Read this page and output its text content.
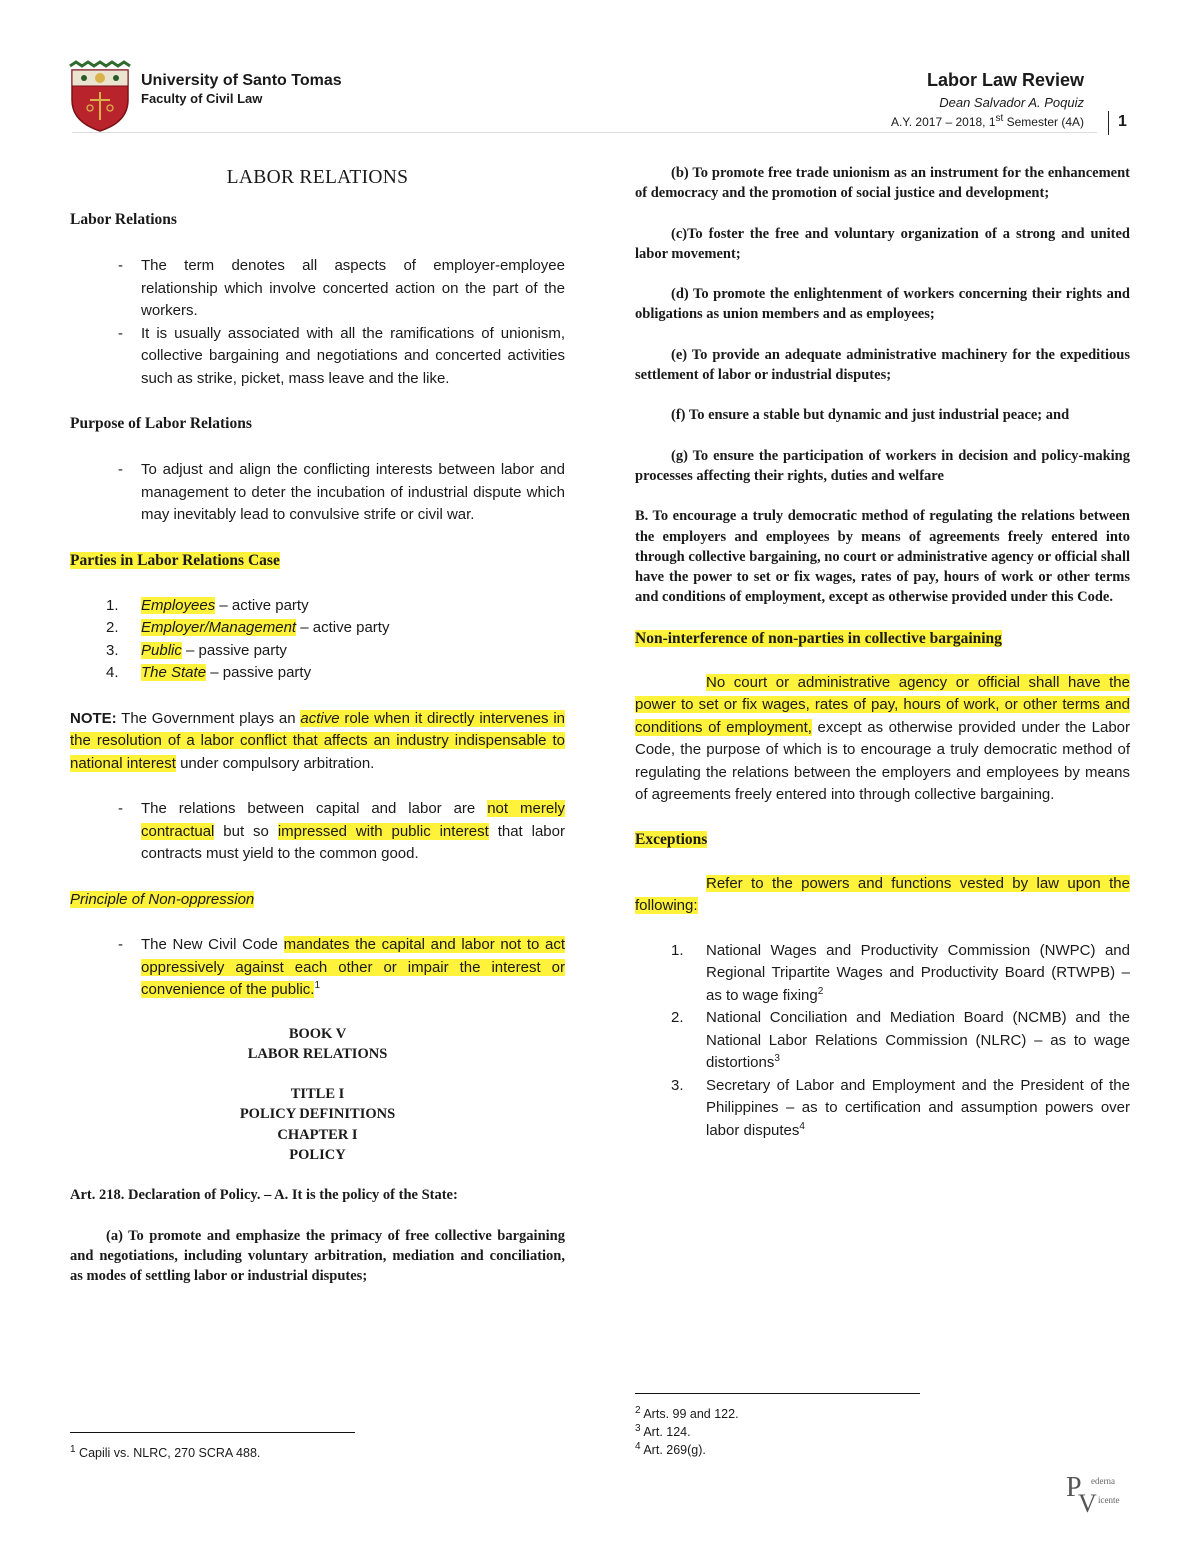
University of Santo Tomas
Faculty of Civil Law
Labor Law Review
Dean Salvador A. Poquiz
A.Y. 2017 – 2018, 1st Semester (4A) 1
LABOR RELATIONS
Labor Relations
- The term denotes all aspects of employer-employee relationship which involve concerted action on the part of the workers.
- It is usually associated with all the ramifications of unionism, collective bargaining and negotiations and concerted activities such as strike, picket, mass leave and the like.
Purpose of Labor Relations
- To adjust and align the conflicting interests between labor and management to deter the incubation of industrial dispute which may inevitably lead to convulsive strife or civil war.
Parties in Labor Relations Case
1. Employees – active party
2. Employer/Management – active party
3. Public – passive party
4. The State – passive party

NOTE: The Government plays an active role when it directly intervenes in the resolution of a labor conflict that affects an industry indispensable to national interest under compulsory arbitration.

- The relations between capital and labor are not merely contractual but so impressed with public interest that labor contracts must yield to the common good.
Principle of Non-oppression
- The New Civil Code mandates the capital and labor not to act oppressively against each other or impair the interest or convenience of the public.$^1$
BOOK V
LABOR RELATIONS
TITLE I
POLICY DEFINITIONS
CHAPTER I
POLICY

Art. 218. Declaration of Policy. – A. It is the policy of the State:

(a) To promote and emphasize the primacy of free collective bargaining and negotiations, including voluntary arbitration, mediation and conciliation, as modes of settling labor or industrial disputes;

$^1$ Capili vs. NLRC, 270 SCRA 488.

(b) To promote free trade unionism as an instrument for the enhancement of democracy and the promotion of social justice and development;

(c)To foster the free and voluntary organization of a strong and united labor movement;

(d) To promote the enlightenment of workers concerning their rights and obligations as union members and as employees;

(e) To provide an adequate administrative machinery for the expeditious settlement of labor or industrial disputes;

(f) To ensure a stable but dynamic and just industrial peace; and

(g) To ensure the participation of workers in decision and policy-making processes affecting their rights, duties and welfare

B. To encourage a truly democratic method of regulating the relations between the employers and employees by means of agreements freely entered into through collective bargaining, no court or administrative agency or official shall have the power to set or fix wages, rates of pay, hours of work or other terms and conditions of employment, except as otherwise provided under this Code.

Non-interference of non-parties in collective bargaining

No court or administrative agency or official shall have the power to set or fix wages, rates of pay, hours of work, or other terms and conditions of employment, except as otherwise provided under the Labor Code, the purpose of which is to encourage a truly democratic method of regulating the relations between the employers and employees by means of agreements freely entered into through collective bargaining.

Exceptions

Refer to the powers and functions vested by law upon the following:

1. National Wages and Productivity Commission (NWPC) and Regional Tripartite Wages and Productivity Board (RTWPB) – as to wage fixing$^2$
2. National Conciliation and Mediation Board (NCMB) and the National Labor Relations Commission (NLRC) – as to wage distortions$^3$
3. Secretary of Labor and Employment and the President of the Philippines – as to certification and assumption powers over labor disputes$^4$
$^2$ Arts. 99 and 122.
$^3$ Art. 124.
$^4$ Art. 269(g).
P
V
ederna
icente
